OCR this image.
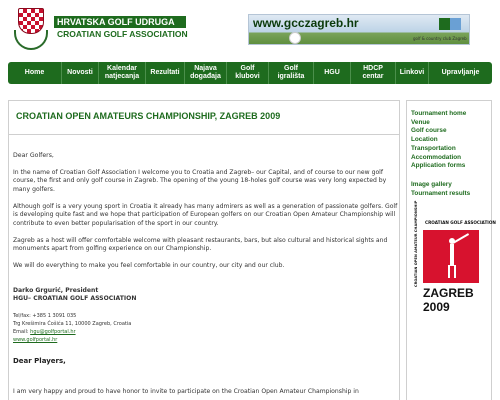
HRVATSKA GOLF UDRUGA
CROATIAN GOLF ASSOCIATION
www.gcczagreb.hr
golf & country club Zagreb
Home	Novosti
Kalendar natjecanja
Rezultati
Najava događaja
Golf klubovi
Golf igrališta
HGU
HDCP centar
Linkovi	Upravljanje
CROATIAN OPEN AMATEURS CHAMPIONSHIP, ZAGREB 2009
Dear Golfers,
In the name of Croatian Golf Association I welcome you to Croatia and Zagreb– our Capital, and of course to our new golf course, the first and only golf course in Zagreb. The opening of the young 18-holes golf course was very long expected by many golfers.
Although golf is a very young sport in Croatia it already has many admirers as well as a generation of passionate golfers. Golf is developing quite fast and we hope that participation of European golfers on our Croatian Open Amateur Championship will contribute to even better popularisation of the sport in our country.
Zagreb as a host will offer comfortable welcome with pleasant restaurants, bars, but also cultural and historical sights and monuments apart from golfing experience on our Championship.
We will do everything to make you feel comfortable in our country, our city and our club.
Darko Grgurić, President
HGU– CROATIAN GOLF ASSOCIATION
Tel/fax: +385 1 3091 035
Trg Krešimira Ćošića 11, 10000 Zagreb, Croatia
Email: hgu@golfportal.hr
www.golfportal.hr
Dear Players,
I am very happy and proud to have honor to invite to participate on the Croatian Open Amateur Championship in
Tournament home
Venue
Golf course
Location
Transportation
Accommodation
Application forms
Image gallery
Tournament results
CROATIAN GOLF ASSOCIATION
CROATIAN OPEN AMATEUR CHAMPIONSHIP
ZAGREB 2009
